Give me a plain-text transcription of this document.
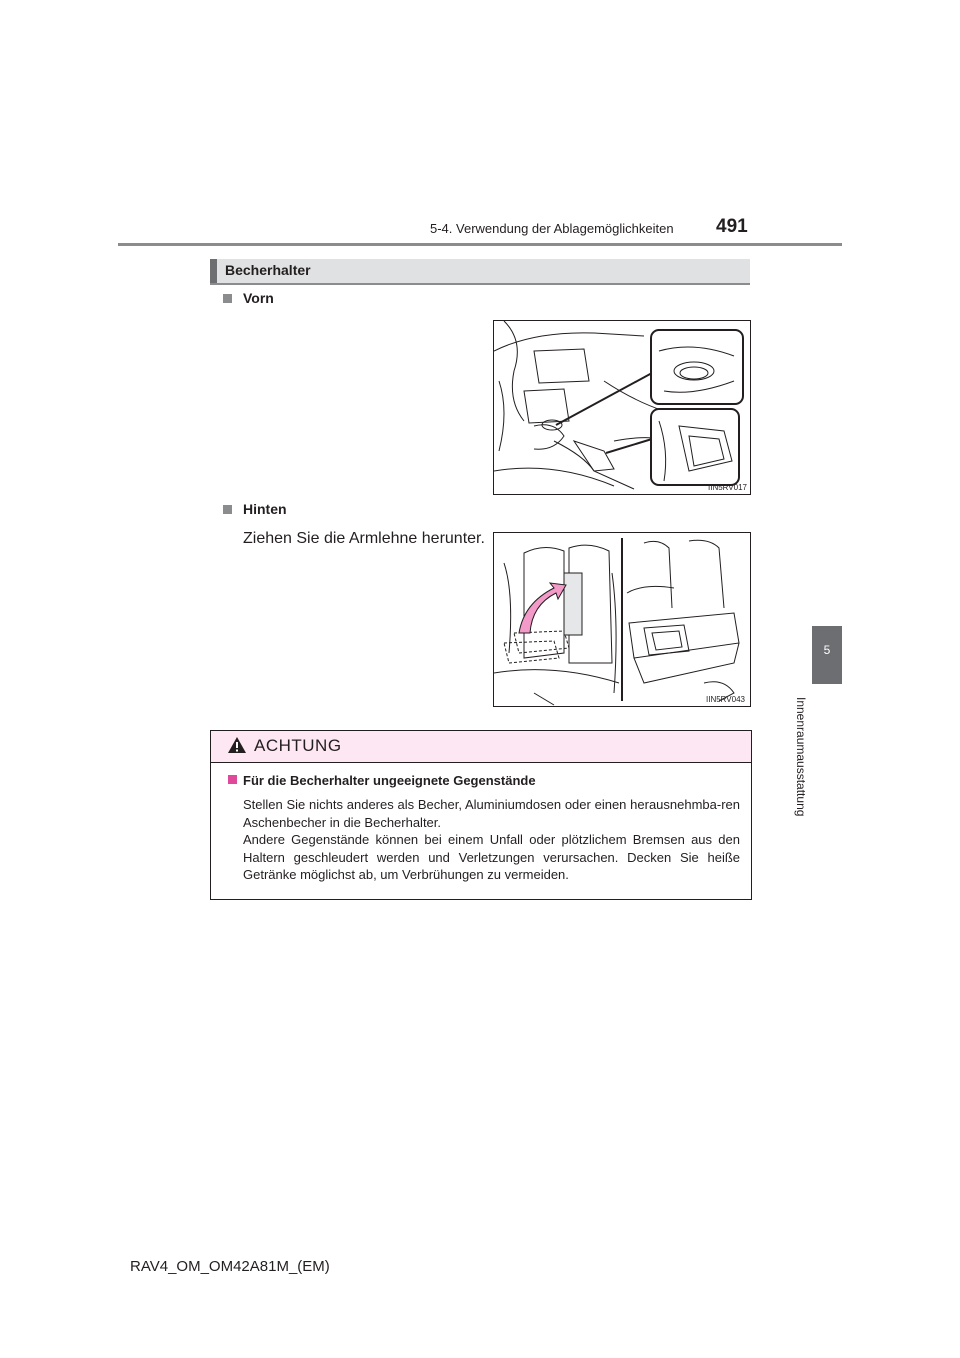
5-4. Verwendung der Ablagemöglichkeiten 491
5
Innenraumausstattung
Becherhalter
Vorn
IIN5RV017
Hinten
Ziehen Sie die Armlehne herunter.
IIN5RV043
ACHTUNG
Für die Becherhalter ungeeignete Gegenstände
Stellen Sie nichts anderes als Becher, Aluminiumdosen oder einen herausnehmba-ren Aschenbecher in die Becherhalter.
Andere Gegenstände können bei einem Unfall oder plötzlichem Bremsen aus den Haltern geschleudert werden und Verletzungen verursachen. Decken Sie heiße Getränke möglichst ab, um Verbrühungen zu vermeiden.
RAV4_OM_OM42A81M_(EM)
